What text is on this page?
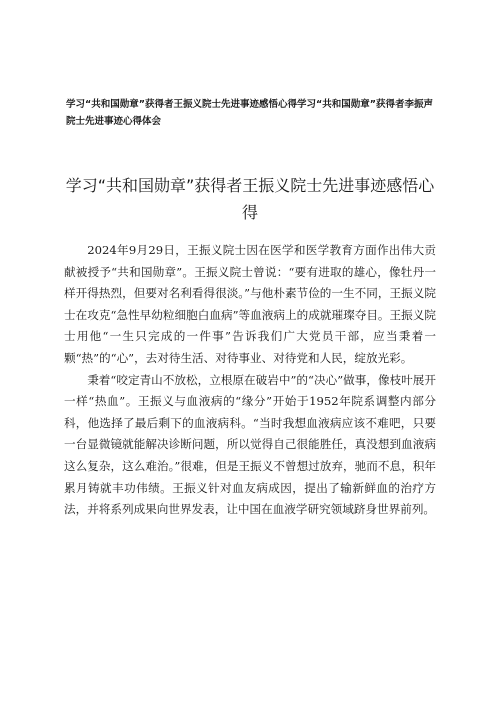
学习“共和国勋章”获得者王振义院士先进事迹感悟心得学习“共和国勋章”获得者李振声院士先进事迹心得体会
学习“共和国勋章”获得者王振义院士先进事迹感悟心得

2024年9月29日，王振义院士因在医学和医学教育方面作出伟大贡献被授予“共和国勋章”。王振义院士曾说：“要有进取的雄心，像牡丹一样开得热烈，但要对名利看得很淡。”与他朴素节俭的一生不同，王振义院士在攻克“急性早幼粒细胞白血病”等血液病上的成就璀璨夺目。王振义院士用他“一生只完成的一件事”告诉我们广大党员干部，应当秉着一颗“热”的“心”，去对待生活、对待事业、对待党和人民，绽放光彩。

秉着“咬定青山不放松，立根原在破岩中”的“决心”做事，像枝叶展开一样“热血”。王振义与血液病的“缘分”开始于1952年院系调整内部分科，他选择了最后剩下的血液病科。“当时我想血液病应该不难吧，只要一台显微镜就能解决诊断问题，所以觉得自己很能胜任，真没想到血液病这么复杂，这么难治。”很难，但是王振义不曾想过放弃，驰而不息，积年累月铸就丰功伟绩。王振义针对血友病成因，提出了输新鲜血的治疗方法，并将系列成果向世界发表，让中国在血液学研究领域跻身世界前列。
